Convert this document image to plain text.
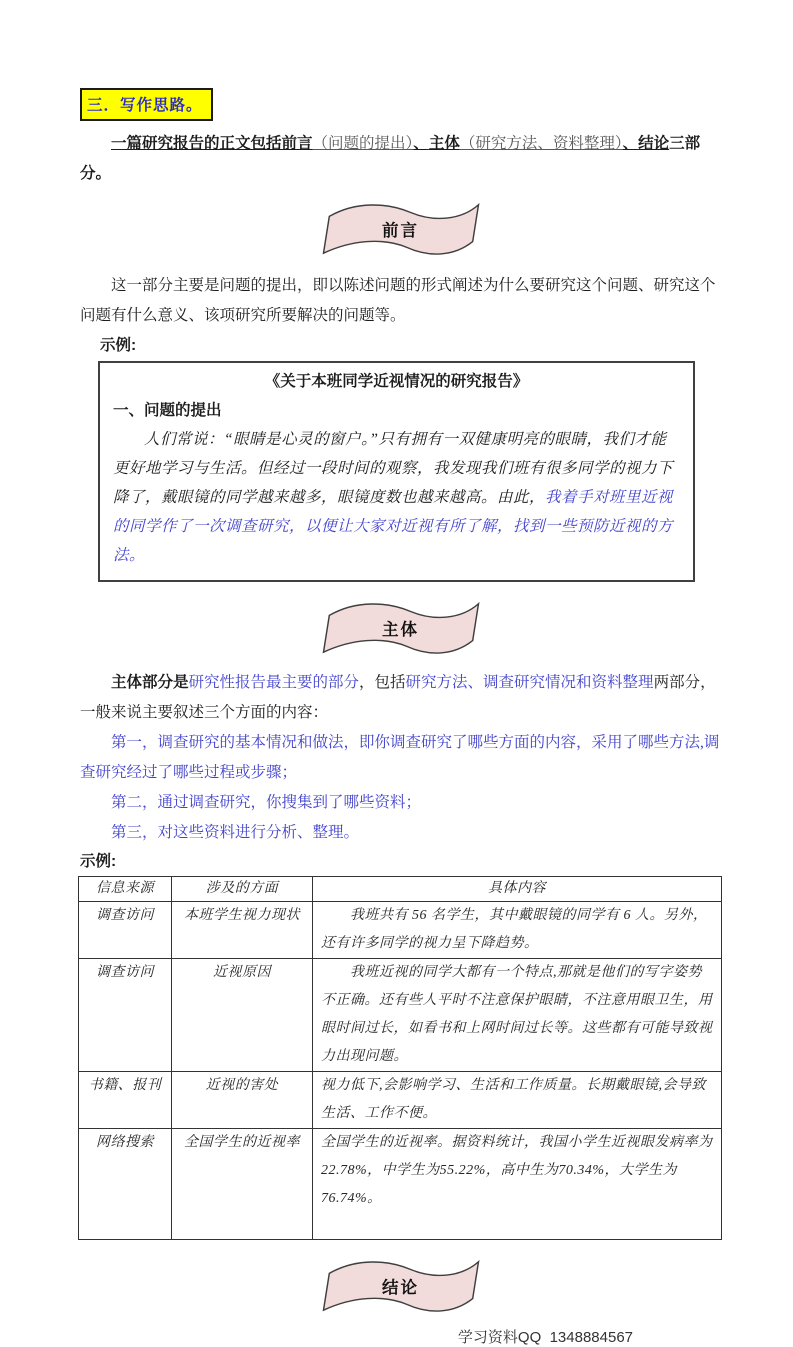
三．写作思路。

一篇研究报告的正文包括前言（问题的提出）、主体（研究方法、资料整理）、结论三部分。

前言

这一部分主要是问题的提出，即以陈述问题的形式阐述为什么要研究这个问题、研究这个问题有什么意义、该项研究所要解决的问题等。

示例:

《关于本班同学近视情况的研究报告》

一、问题的提出

人们常说：“眼睛是心灵的窗户。”只有拥有一双健康明亮的眼睛，我们才能更好地学习与生活。但经过一段时间的观察，我发现我们班有很多同学的视力下降了，戴眼镜的同学越来越多，眼镜度数也越来越高。由此，我着手对班里近视的同学作了一次调查研究，以便让大家对近视有所了解，找到一些预防近视的方法。

主体

主体部分是研究性报告最主要的部分，包括研究方法、调查研究情况和资料整理两部分，一般来说主要叙述三个方面的内容：

第一，调查研究的基本情况和做法，即你调查研究了哪些方面的内容，采用了哪些方法,调查研究经过了哪些过程或步骤；

第二，通过调查研究，你搜集到了哪些资料；

第三，对这些资料进行分析、整理。

示例:
信息来源	涉及的方面	具体内容
调查访问	本班学生视力现状	　　我班共有 56 名学生，其中戴眼镜的同学有 6 人。另外，还有许多同学的视力呈下降趋势。
调查访问	近视原因	　　我班近视的同学大都有一个特点,那就是他们的写字姿势不正确。还有些人平时不注意保护眼睛，不注意用眼卫生，用眼时间过长，如看书和上网时间过长等。这些都有可能导致视力出现问题。
书籍、报刊	近视的害处	视力低下,会影响学习、生活和工作质量。长期戴眼镜,会导致生活、工作不便。
网络搜索	全国学生的近视率	全国学生的近视率。据资料统计，我国小学生近视眼发病率为22.78%，中学生为55.22%，高中生为70.34%，大学生为76.74%。
结论
学习资料QQ  1348884567
